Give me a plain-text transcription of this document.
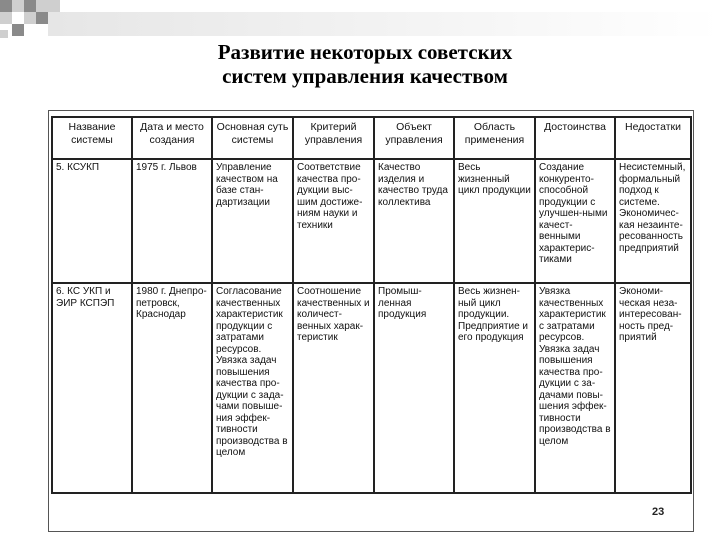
Развитие некоторых советских
систем управления качеством
Название системы	Дата и место создания	Основная суть системы	Критерий управления	Объект управления	Область применения	Достоинства	Недостатки
5. КСУКП	1975 г. Львов	Управление качеством на базе стан-дартизации	Соответствие качества про-дукции выс-шим достиже-ниям науки и техники	Качество изделия и качество труда коллектива	Весь жизненный цикл продукции	Создание конкуренто-способной продукции с улучшен-ными качест-венными характерис-тиками	Несистемный, формальный подход к системе. Экономичес-кая незаинте-ресованность предприятий
6. КС УКП и ЭИР КСПЭП	1980 г. Днепро-петровск, Краснодар	Согласование качественных характеристик продукции с затратами ресурсов. Увязка задач повышения качества про-дукции с зада-чами повыше-ния эффек-тивности производства в целом	Соотношение качественных и количест-венных харак-теристик	Промыш-ленная продукция	Весь жизнен-ный цикл продукции. Предприятие и его продукция	Увязка качественных характеристик с затратами ресурсов. Увязка задач повышения качества про-дукции с за-дачами повы-шения эффек-тивности производства в целом	Экономи-ческая неза-интересован-ность пред-приятий
23
